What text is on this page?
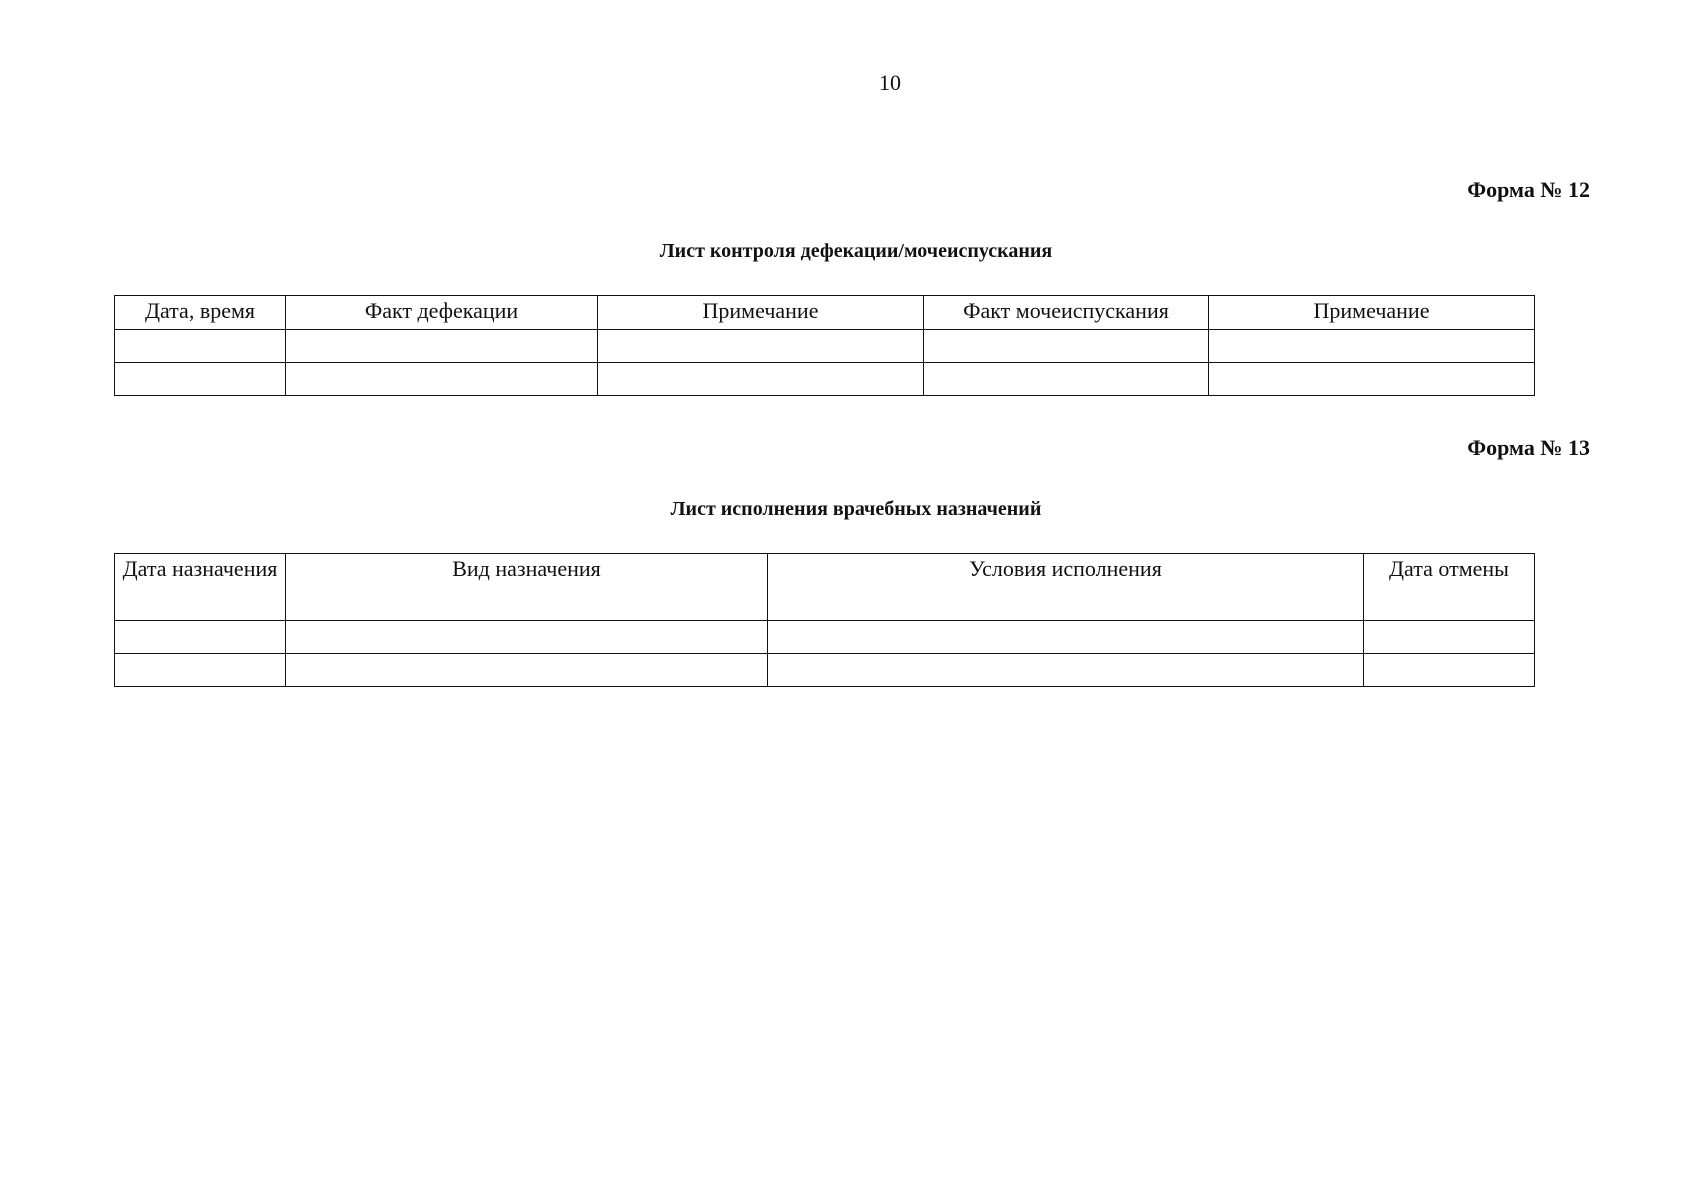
10
Форма № 12
Лист контроля дефекации/мочеиспускания
Дата, время	Факт дефекации	Примечание	Факт мочеиспускания	Примечание

Форма № 13
Лист исполнения врачебных назначений
Дата назначения	Вид назначения	Условия исполнения	Дата отмены
